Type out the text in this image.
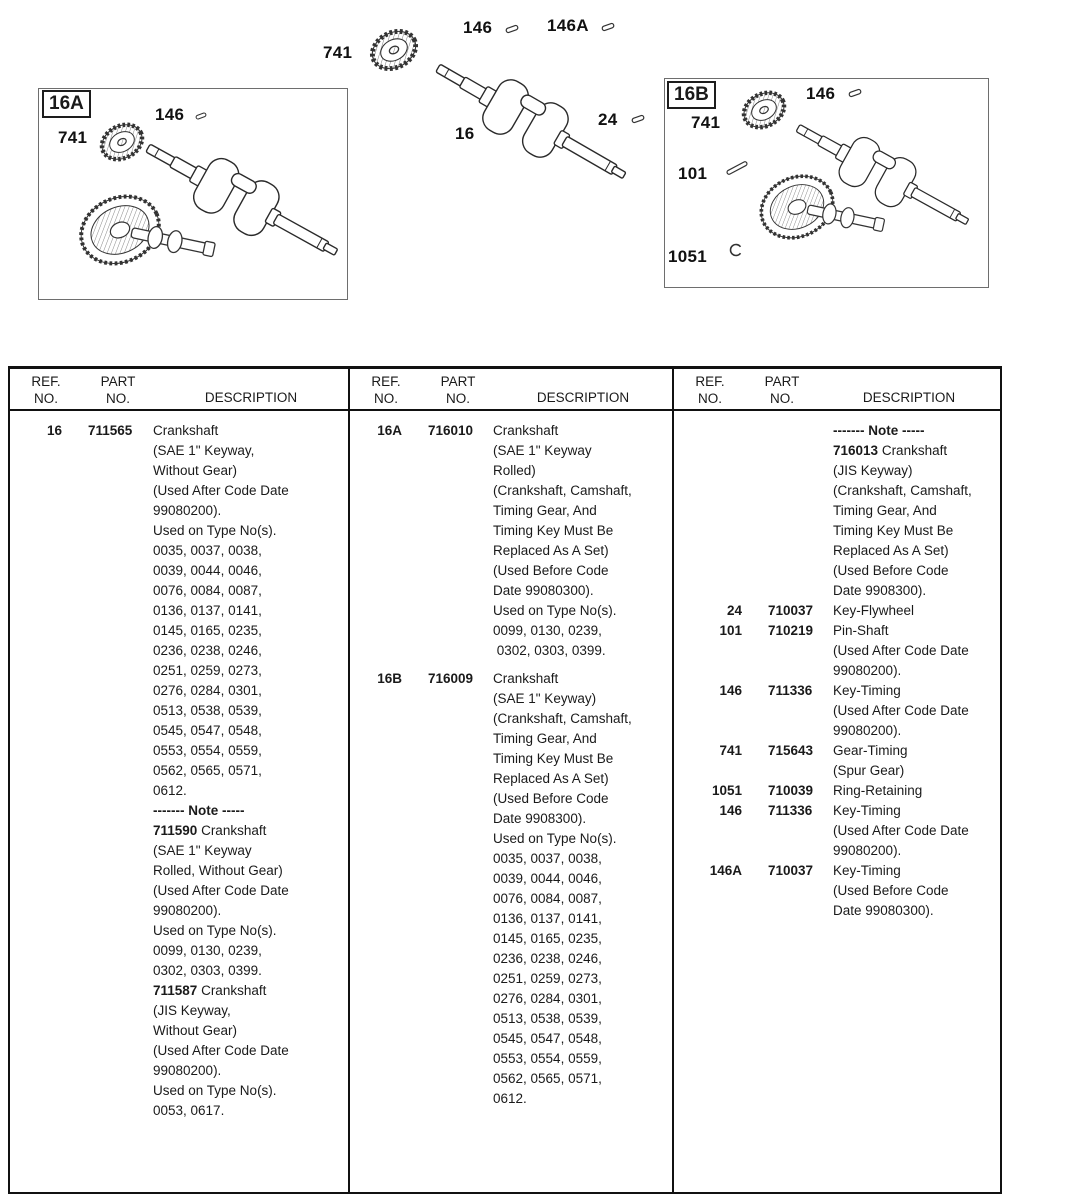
16A	16B
741
146
741
146	146A
16
24
146
741
101
1051
REF.
NO.
PART
NO.	DESCRIPTION
16 711565	Crankshaft
(SAE 1" Keyway,
Without Gear)
(Used After Code Date
99080200).
Used on Type No(s).
0035, 0037, 0038,
0039, 0044, 0046,
0076, 0084, 0087,
0136, 0137, 0141,
0145, 0165, 0235,
0236, 0238, 0246,
0251, 0259, 0273,
0276, 0284, 0301,
0513, 0538, 0539,
0545, 0547, 0548,
0553, 0554, 0559,
0562, 0565, 0571,
0612.
------- Note -----
711590 Crankshaft
(SAE 1" Keyway
Rolled, Without Gear)
(Used After Code Date
99080200).
Used on Type No(s).
0099, 0130, 0239,
0302, 0303, 0399.
711587 Crankshaft
(JIS Keyway,
Without Gear)
(Used After Code Date
99080200).
Used on Type No(s).
0053, 0617.
REF.
NO.
PART
NO.	DESCRIPTION
16A 716010	Crankshaft
(SAE 1" Keyway
Rolled)
(Crankshaft, Camshaft,
Timing Gear, And
Timing Key Must Be
Replaced As A Set)
(Used Before Code
Date 99080300).
Used on Type No(s).
0099, 0130, 0239,
0302, 0303, 0399.
16B 716009	Crankshaft
(SAE 1" Keyway)
(Crankshaft, Camshaft,
Timing Gear, And
Timing Key Must Be
Replaced As A Set)
(Used Before Code
Date 9908300).
Used on Type No(s).
0035, 0037, 0038,
0039, 0044, 0046,
0076, 0084, 0087,
0136, 0137, 0141,
0145, 0165, 0235,
0236, 0238, 0246,
0251, 0259, 0273,
0276, 0284, 0301,
0513, 0538, 0539,
0545, 0547, 0548,
0553, 0554, 0559,
0562, 0565, 0571,
0612.
REF.
NO.
PART
NO.	DESCRIPTION
------- Note -----
716013 Crankshaft
(JIS Keyway)
(Crankshaft, Camshaft,
Timing Gear, And
Timing Key Must Be
Replaced As A Set)
(Used Before Code
Date 9908300).
24 710037	Key-Flywheel
101 710219	Pin-Shaft
(Used After Code Date
99080200).
146 711336	Key-Timing
(Used After Code Date
99080200).
741 715643	Gear-Timing
(Spur Gear)
1051 710039	Ring-Retaining
146 711336	Key-Timing
(Used After Code Date
99080200).
146A 710037	Key-Timing
(Used Before Code
Date 99080300).
